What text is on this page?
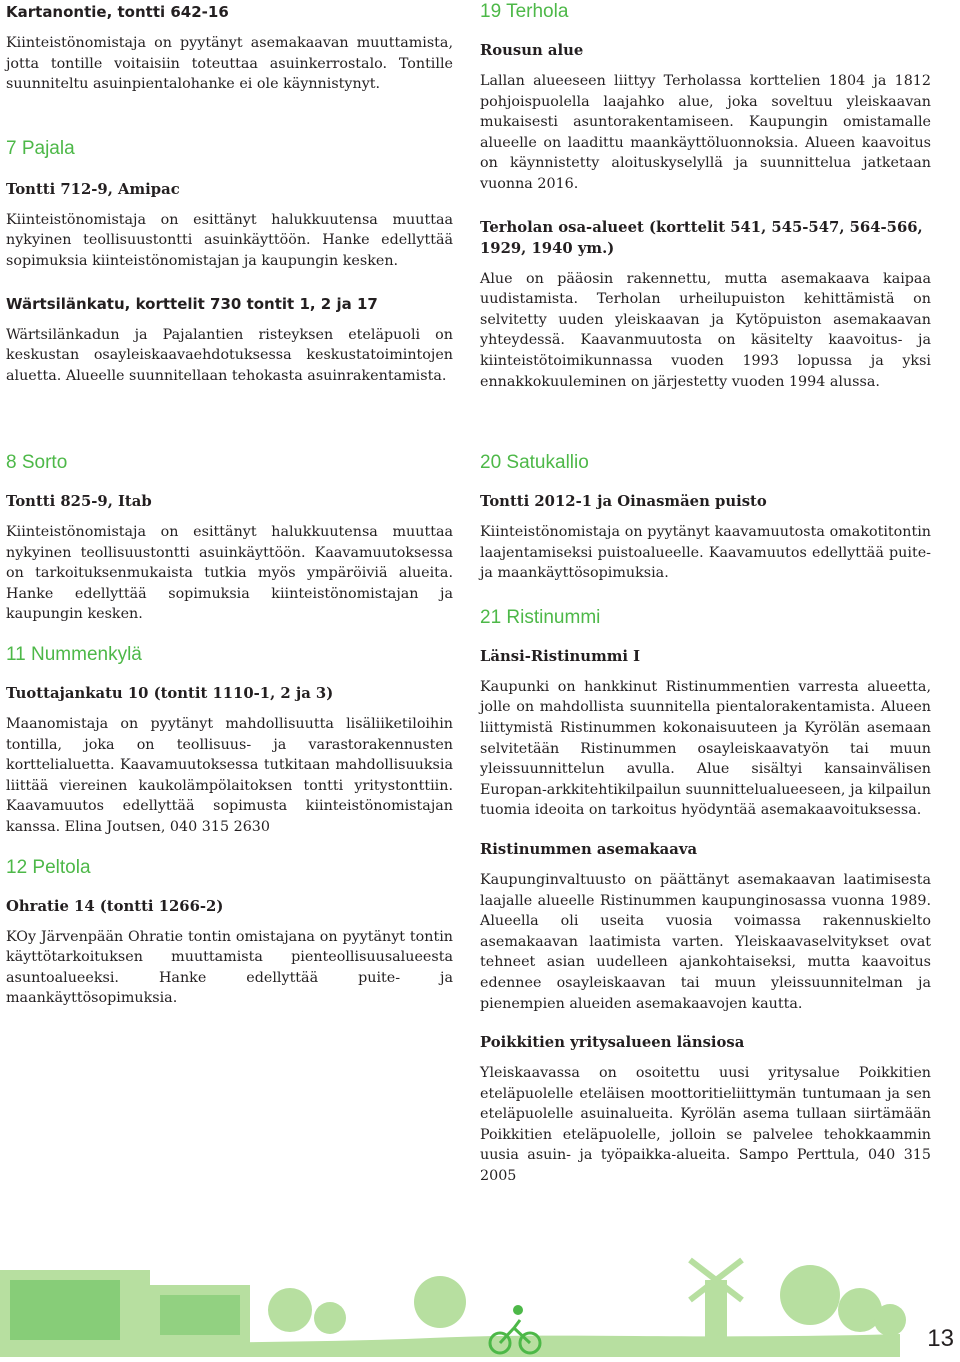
Kartanontie, tontti 642-16

Kiinteistönomistaja on pyytänyt asemakaavan muuttamista, jotta tontille voitaisiin toteuttaa asuinkerrostalo. Tontille suunniteltu asuinpientalohanke ei ole käynnistynyt.

7 Pajala

Tontti 712-9, Amipac

Kiinteistönomistaja on esittänyt halukkuutensa muuttaa nykyinen teollisuustontti asuinkäyttöön. Hanke edellyttää sopimuksia kiinteistönomistajan ja kaupungin kesken.

Wärtsilänkatu, korttelit 730 tontit 1, 2 ja 17

Wärtsilänkadun ja Pajalantien risteyksen eteläpuoli on keskustan osayleiskaavaehdotuksessa keskustatoimintojen aluetta. Alueelle suunnitellaan tehokasta asuinrakentamista.

19 Terhola

Rousun alue

Lallan alueeseen liittyy Terholassa korttelien 1804 ja 1812 pohjoispuolella laajahko alue, joka soveltuu yleiskaavan mukaisesti asuntorakentamiseen. Kaupungin omistamalle alueelle on laadittu maankäyttöluonnoksia. Alueen kaavoitus on käynnistetty aloituskyselyllä ja suunnittelua jatketaan vuonna 2016.

Terholan osa-alueet (korttelit 541, 545-547, 564-566, 1929, 1940 ym.)

Alue on pääosin rakennettu, mutta asemakaava kaipaa uudistamista. Terholan urheilupuiston kehittämistä on selvitetty uuden yleiskaavan ja Kytöpuiston asemakaavan yhteydessä. Kaavanmuutosta on käsitelty kaavoitus- ja kiinteistötoimikunnassa vuoden 1993 lopussa ja yksi ennakkokuuleminen on järjestetty vuoden 1994 alussa.

8 Sorto

Tontti 825-9, Itab

Kiinteistönomistaja on esittänyt halukkuutensa muuttaa nykyinen teollisuustontti asuinkäyttöön. Kaavamuutoksessa on tarkoituksenmukaista tutkia myös ympäröiviä alueita. Hanke edellyttää sopimuksia kiinteistönomistajan ja kaupungin kesken.

11 Nummenkylä

Tuottajankatu 10 (tontit 1110-1, 2 ja 3)

Maanomistaja on pyytänyt mahdollisuutta lisäliiketiloihin tontilla, joka on teollisuus- ja varastorakennusten korttelialuetta. Kaavamuutoksessa tutkitaan mahdollisuuksia liittää viereinen kaukolämpölaitoksen tontti yritystonttiin. Kaavamuutos edellyttää sopimusta kiinteistönomistajan kanssa. Elina Joutsen, 040 315 2630

12 Peltola

Ohratie 14 (tontti 1266-2)

KOy Järvenpään Ohratie tontin omistajana on pyytänyt tontin käyttötarkoituksen muuttamista pienteollisuusalueesta asuntoalueeksi. Hanke edellyttää puite- ja maankäyttösopimuksia.

20 Satukallio

Tontti 2012-1 ja Oinasmäen puisto

Kiinteistönomistaja on pyytänyt kaavamuutosta omakotitontin laajentamiseksi puistoalueelle. Kaavamuutos edellyttää puite- ja maankäyttösopimuksia.

21 Ristinummi

Länsi-Ristinummi I

Kaupunki on hankkinut Ristinummentien varresta alueetta, jolle on mahdollista suunnitella pientalorakentamista. Alueen liittymistä Ristinummen kokonaisuuteen ja Kyrölän asemaan selvitetään Ristinummen osayleiskaavatyön tai muun yleissuunnittelun avulla. Alue sisältyi kansainvälisen Europan-arkkitehtikilpailun suunnittelualueeseen, ja kilpailun tuomia ideoita on tarkoitus hyödyntää asemakaavoituksessa.

Ristinummen asemakaava

Kaupunginvaltuusto on päättänyt asemakaavan laatimisesta laajalle alueelle Ristinummen kaupunginosassa vuonna 1989. Alueella oli useita vuosia voimassa rakennuskielto asemakaavan laatimista varten. Yleiskaavaselvitykset ovat tehneet asian uudelleen ajankohtaiseksi, mutta kaavoitus edennee osayleiskaavan tai muun yleissuunnitelman ja pienempien alueiden asemakaavojen kautta.

Poikkitien yritysalueen länsiosa

Yleiskaavassa on osoitettu uusi yritysalue Poikkitien eteläpuolelle eteläisen moottoritieliittymän tuntumaan ja sen eteläpuolelle asuinalueita. Kyrölän asema tullaan siirtämään Poikkitien eteläpuolelle, jolloin se palvelee tehokkaammin uusia asuin- ja työpaikka-alueita. Sampo Perttula, 040 315 2005

13
